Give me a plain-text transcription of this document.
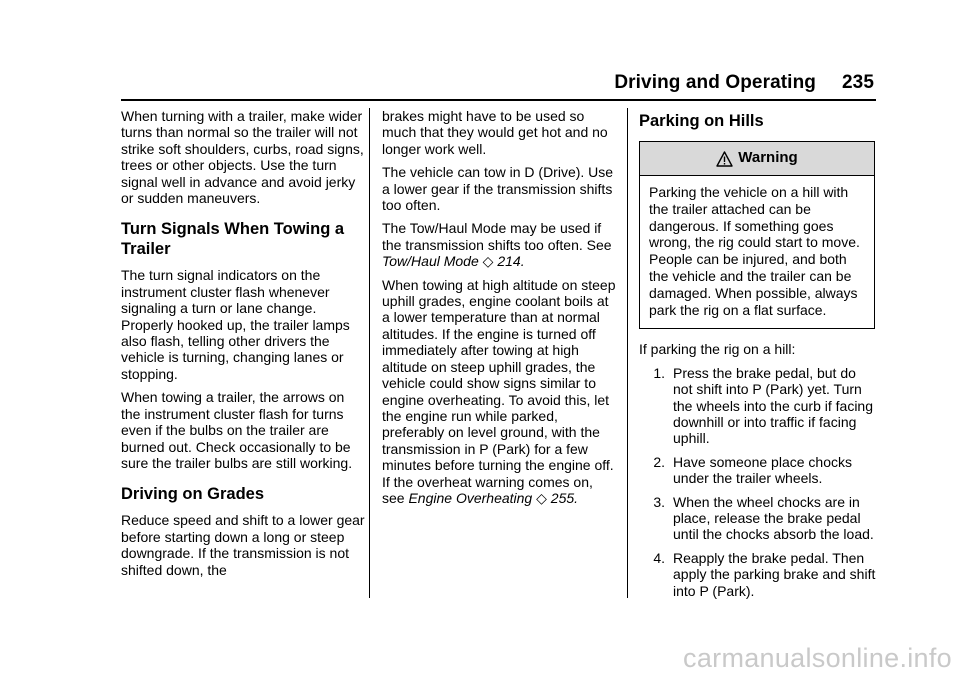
Driving and Operating 235

When turning with a trailer, make wider turns than normal so the trailer will not strike soft shoulders, curbs, road signs, trees or other objects. Use the turn signal well in advance and avoid jerky or sudden maneuvers.

Turn Signals When Towing a Trailer

The turn signal indicators on the instrument cluster flash whenever signaling a turn or lane change. Properly hooked up, the trailer lamps also flash, telling other drivers the vehicle is turning, changing lanes or stopping.

When towing a trailer, the arrows on the instrument cluster flash for turns even if the bulbs on the trailer are burned out. Check occasionally to be sure the trailer bulbs are still working.

Driving on Grades

Reduce speed and shift to a lower gear before starting down a long or steep downgrade. If the transmission is not shifted down, the

brakes might have to be used so much that they would get hot and no longer work well.

The vehicle can tow in D (Drive). Use a lower gear if the transmission shifts too often.

The Tow/Haul Mode may be used if the transmission shifts too often. See Tow/Haul Mode ◇ 214.

When towing at high altitude on steep uphill grades, engine coolant boils at a lower temperature than at normal altitudes. If the engine is turned off immediately after towing at high altitude on steep uphill grades, the vehicle could show signs similar to engine overheating. To avoid this, let the engine run while parked, preferably on level ground, with the transmission in P (Park) for a few minutes before turning the engine off. If the overheat warning comes on, see Engine Overheating ◇ 255.

Parking on Hills
Warning

Parking the vehicle on a hill with the trailer attached can be dangerous. If something goes wrong, the rig could start to move. People can be injured, and both the vehicle and the trailer can be damaged. When possible, always park the rig on a flat surface.

If parking the rig on a hill:

1. Press the brake pedal, but do not shift into P (Park) yet. Turn the wheels into the curb if facing downhill or into traffic if facing uphill.
2. Have someone place chocks under the trailer wheels.
3. When the wheel chocks are in place, release the brake pedal until the chocks absorb the load.
4. Reapply the brake pedal. Then apply the parking brake and shift into P (Park).
carmanualsonline.info
